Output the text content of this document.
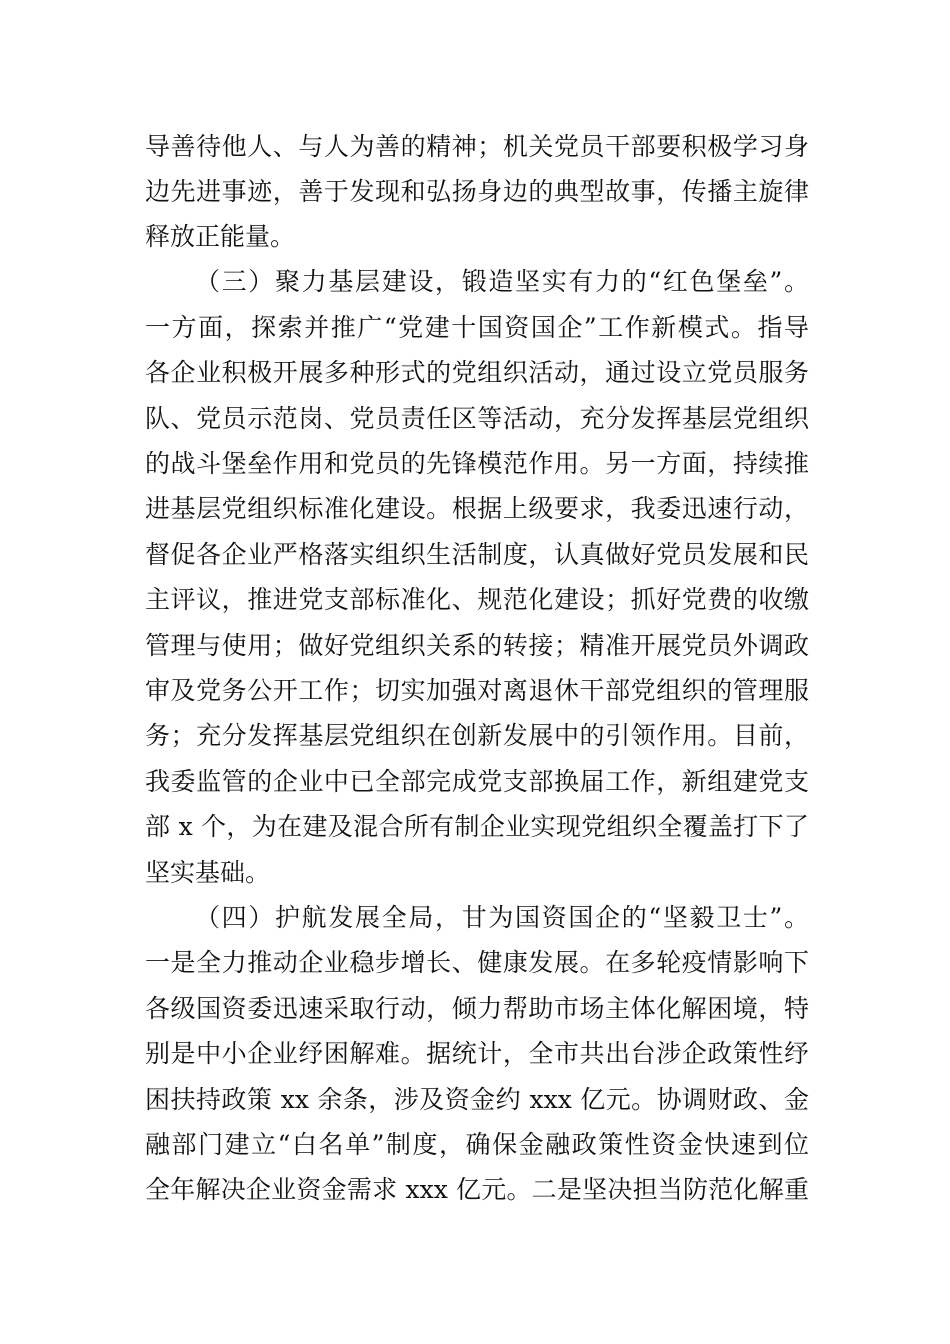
导善待他人、与人为善的精神；机关党员干部要积极学习身
边先进事迹，善于发现和弘扬身边的典型故事，传播主旋律
释放正能量。
（三）聚力基层建设，锻造坚实有力的“红色堡垒”。
一方面，探索并推广“党建十国资国企”工作新模式。指导
各企业积极开展多种形式的党组织活动，通过设立党员服务
队、党员示范岗、党员责任区等活动，充分发挥基层党组织
的战斗堡垒作用和党员的先锋模范作用。另一方面，持续推
进基层党组织标准化建设。根据上级要求，我委迅速行动，
督促各企业严格落实组织生活制度，认真做好党员发展和民
主评议，推进党支部标准化、规范化建设；抓好党费的收缴
管理与使用；做好党组织关系的转接；精准开展党员外调政
审及党务公开工作；切实加强对离退休干部党组织的管理服
务；充分发挥基层党组织在创新发展中的引领作用。目前，
我委监管的企业中已全部完成党支部换届工作，新组建党支
部 x 个，为在建及混合所有制企业实现党组织全覆盖打下了
坚实基础。
（四）护航发展全局，甘为国资国企的“坚毅卫士”。
一是全力推动企业稳步增长、健康发展。在多轮疫情影响下
各级国资委迅速采取行动，倾力帮助市场主体化解困境，特
别是中小企业纾困解难。据统计，全市共出台涉企政策性纾
困扶持政策 xx 余条，涉及资金约 xxx 亿元。协调财政、金
融部门建立“白名单”制度，确保金融政策性资金快速到位
全年解决企业资金需求 xxx 亿元。二是坚决担当防范化解重
